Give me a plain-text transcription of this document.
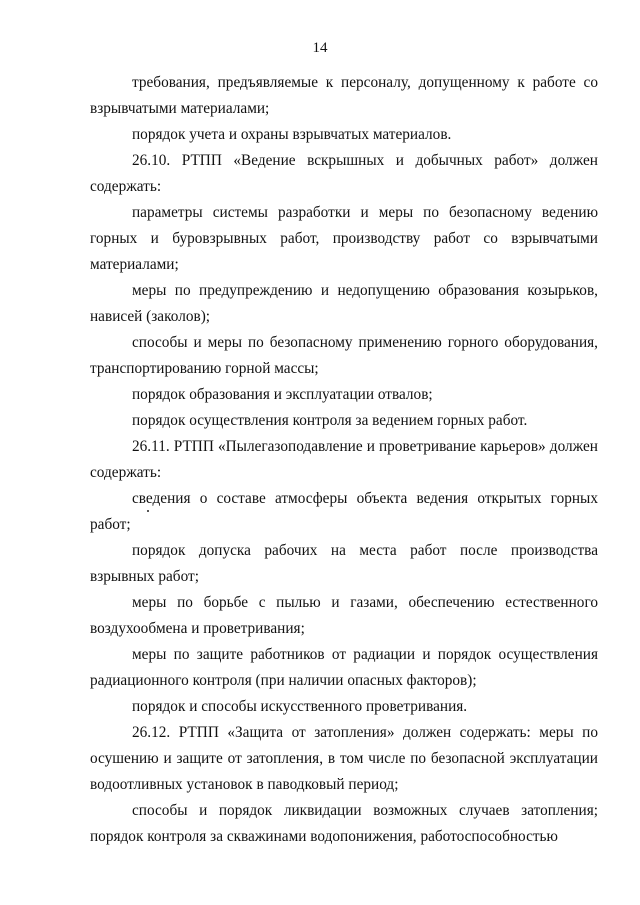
14

требования, предъявляемые к персоналу, допущенному к работе со взрывчатыми материалами;

порядок учета и охраны взрывчатых материалов.

26.10. РТПП «Ведение вскрышных и добычных работ» должен содержать:

параметры системы разработки и меры по безопасному ведению горных и буровзрывных работ, производству работ со взрывчатыми материалами;

меры по предупреждению и недопущению образования козырьков, нависей (заколов);

способы и меры по безопасному применению горного оборудования, транспортированию горной массы;

порядок образования и эксплуатации отвалов;

порядок осуществления контроля за ведением горных работ.

26.11. РТПП «Пылегазоподавление и проветривание карьеров» должен содержать:

сведения о составе атмосферы объекта ведения открытых горных работ;

порядок допуска рабочих на места работ после производства взрывных работ;

меры по борьбе с пылью и газами, обеспечению естественного воздухообмена и проветривания;

меры по защите работников от радиации и порядок осуществления радиационного контроля (при наличии опасных факторов);

порядок и способы искусственного проветривания.

26.12. РТПП «Защита от затопления» должен содержать: меры по осушению и защите от затопления, в том числе по безопасной эксплуатации водоотливных установок в паводковый период;

способы и порядок ликвидации возможных случаев затопления; порядок контроля за скважинами водопонижения, работоспособностью
